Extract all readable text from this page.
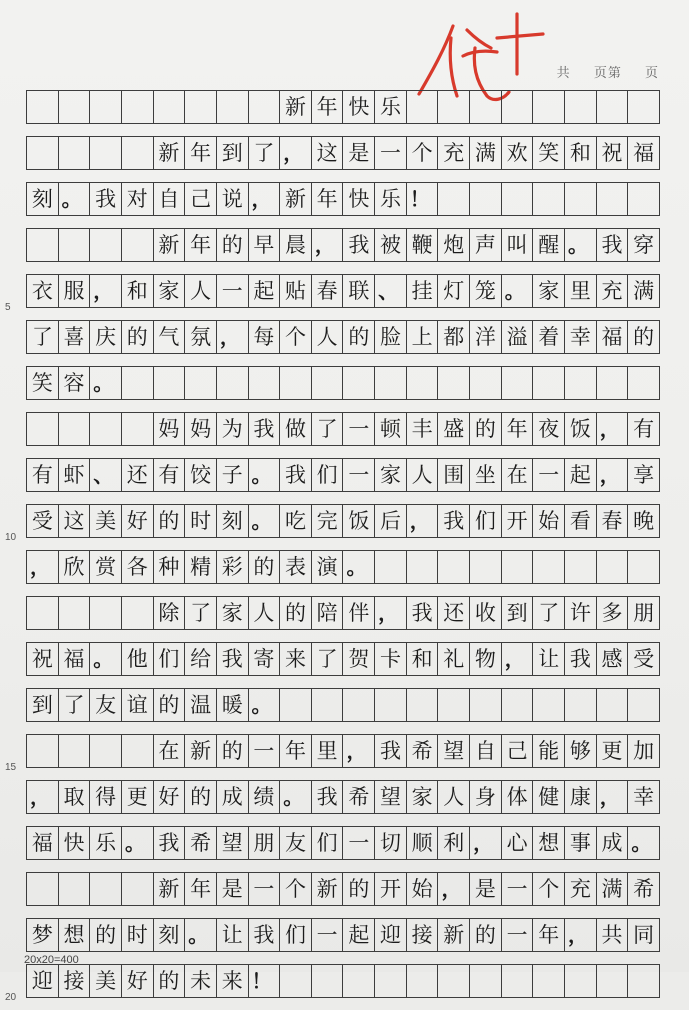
共 页第 页
新 年 快 乐
新 年 到 了 ， 这 是 一 个 充 满 欢 笑 和 祝 福
刻 。 我 对 自 己 说 ， 新 年 快 乐 ！
新 年 的 早 晨 ， 我 被 鞭 炮 声 叫 醒 。 我 穿
衣 服 ， 和 家 人 一 起 贴 春 联 、 挂 灯 笼 。 家 里 充 满
5
了 喜 庆 的 气 氛 ， 每 个 人 的 脸 上 都 洋 溢 着 幸 福 的
笑 容 。
妈 妈 为 我 做 了 一 顿 丰 盛 的 年 夜 饭 ， 有
有 虾 、 还 有 饺 子 。 我 们 一 家 人 围 坐 在 一 起 ， 享
受 这 美 好 的 时 刻 。 吃 完 饭 后 ， 我 们 开 始 看 春 晚
10
， 欣 赏 各 种 精 彩 的 表 演 。
除 了 家 人 的 陪 伴 ， 我 还 收 到 了 许 多 朋
祝 福 。 他 们 给 我 寄 来 了 贺 卡 和 礼 物 ， 让 我 感 受
到 了 友 谊 的 温 暖 。
在 新 的 一 年 里 ， 我 希 望 自 己 能 够 更 加
15
， 取 得 更 好 的 成 绩 。 我 希 望 家 人 身 体 健 康 ， 幸
福 快 乐 。 我 希 望 朋 友 们 一 切 顺 利 ， 心 想 事 成 。
新 年 是 一 个 新 的 开 始 ， 是 一 个 充 满 希
梦 想 的 时 刻 。 让 我 们 一 起 迎 接 新 的 一 年 ， 共 同
迎 接 美 好 的 未 来 ！
20
20x20=400
